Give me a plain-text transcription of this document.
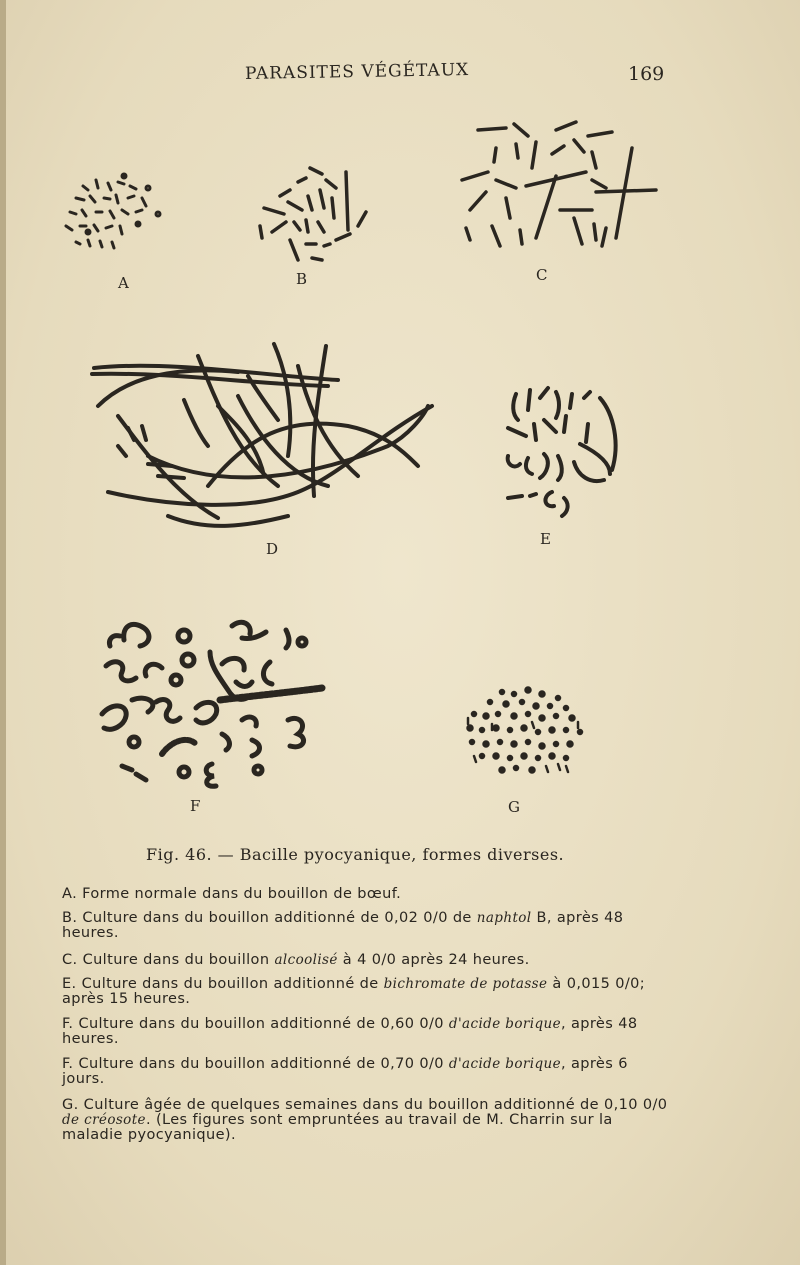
PARASITES VÉGÉTAUX	169
A	B	C
D
E
F	G
Fig. 46. — Bacille pyocyanique, formes diverses.
A. Forme normale dans du bouillon de bœuf.
B. Culture dans du bouillon additionné de 0,02 0/0 de naphtol B, après 48 heures.
C. Culture dans du bouillon alcoolisé à 4 0/0 après 24 heures.
E. Culture dans du bouillon additionné de bichromate de potasse à 0,015 0/0; après 15 heures.
F. Culture dans du bouillon additionné de 0,60 0/0 d'acide borique, après 48 heures.
F. Culture dans du bouillon additionné de 0,70 0/0 d'acide borique, après 6 jours.
G. Culture âgée de quelques semaines dans du bouillon additionné de 0,10 0/0 de créosote. (Les figures sont empruntées au travail de M. Charrin sur la maladie pyocyanique).
